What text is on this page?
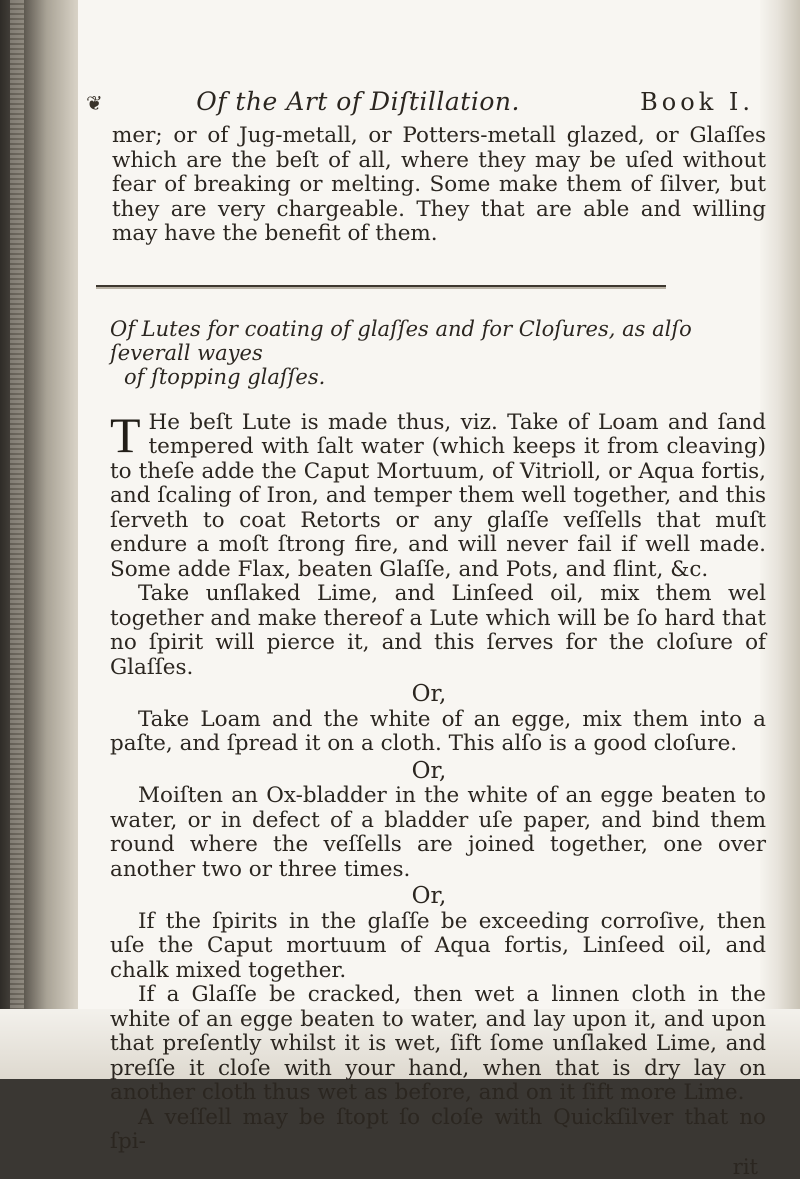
❦	Of the Art of Diſtillation.	Book I.
mer; or of Jug-metall, or Potters-metall glazed, or Glaſſes which are the beſt of all, where they may be uſed without fear of breaking or melting. Some make them of ſilver, but they are very chargeable. They that are able and willing may have the benefit of them.
Of Lutes for coating of glaſſes and for Cloſures, as alſo ſeverall wayes
of ſtopping glaſſes.
T He beſt Lute is made thus, viz. Take of Loam and ſand tempered with ſalt water (which keeps it from cleaving) to theſe adde the Caput Mortuum, of Vitrioll, or Aqua fortis, and ſcaling of Iron, and temper them well together, and this ſerveth to coat Retorts or any glaſſe veſſells that muſt endure a moſt ſtrong fire, and will never fail if well made. Some adde Flax, beaten Glaſſe, and Pots, and flint, &c.
Take unſlaked Lime, and Linſeed oil, mix them wel together and make thereof a Lute which will be ſo hard that no ſpirit will pierce it, and this ſerves for the cloſure of Glaſſes.
Or,
Take Loam and the white of an egge, mix them into a paſte, and ſpread it on a cloth. This alſo is a good cloſure.
Or,
Moiſten an Ox-bladder in the white of an egge beaten to water, or in defect of a bladder uſe paper, and bind them round where the veſſells are joined together, one over another two or three times.
Or,
If the ſpirits in the glaſſe be exceeding corroſive, then uſe the Caput mortuum of Aqua fortis, Linſeed oil, and chalk mixed together.
If a Glaſſe be cracked, then wet a linnen cloth in the white of an egge beaten to water, and lay upon it, and upon that preſently whilst it is wet, ſift ſome unſlaked Lime, and preſſe it cloſe with your hand, when that is dry lay on another cloth thus wet as before, and on it ſift more Lime.
A veſſell may be ſtopt ſo cloſe with Quickſilver that no ſpi-
rit
